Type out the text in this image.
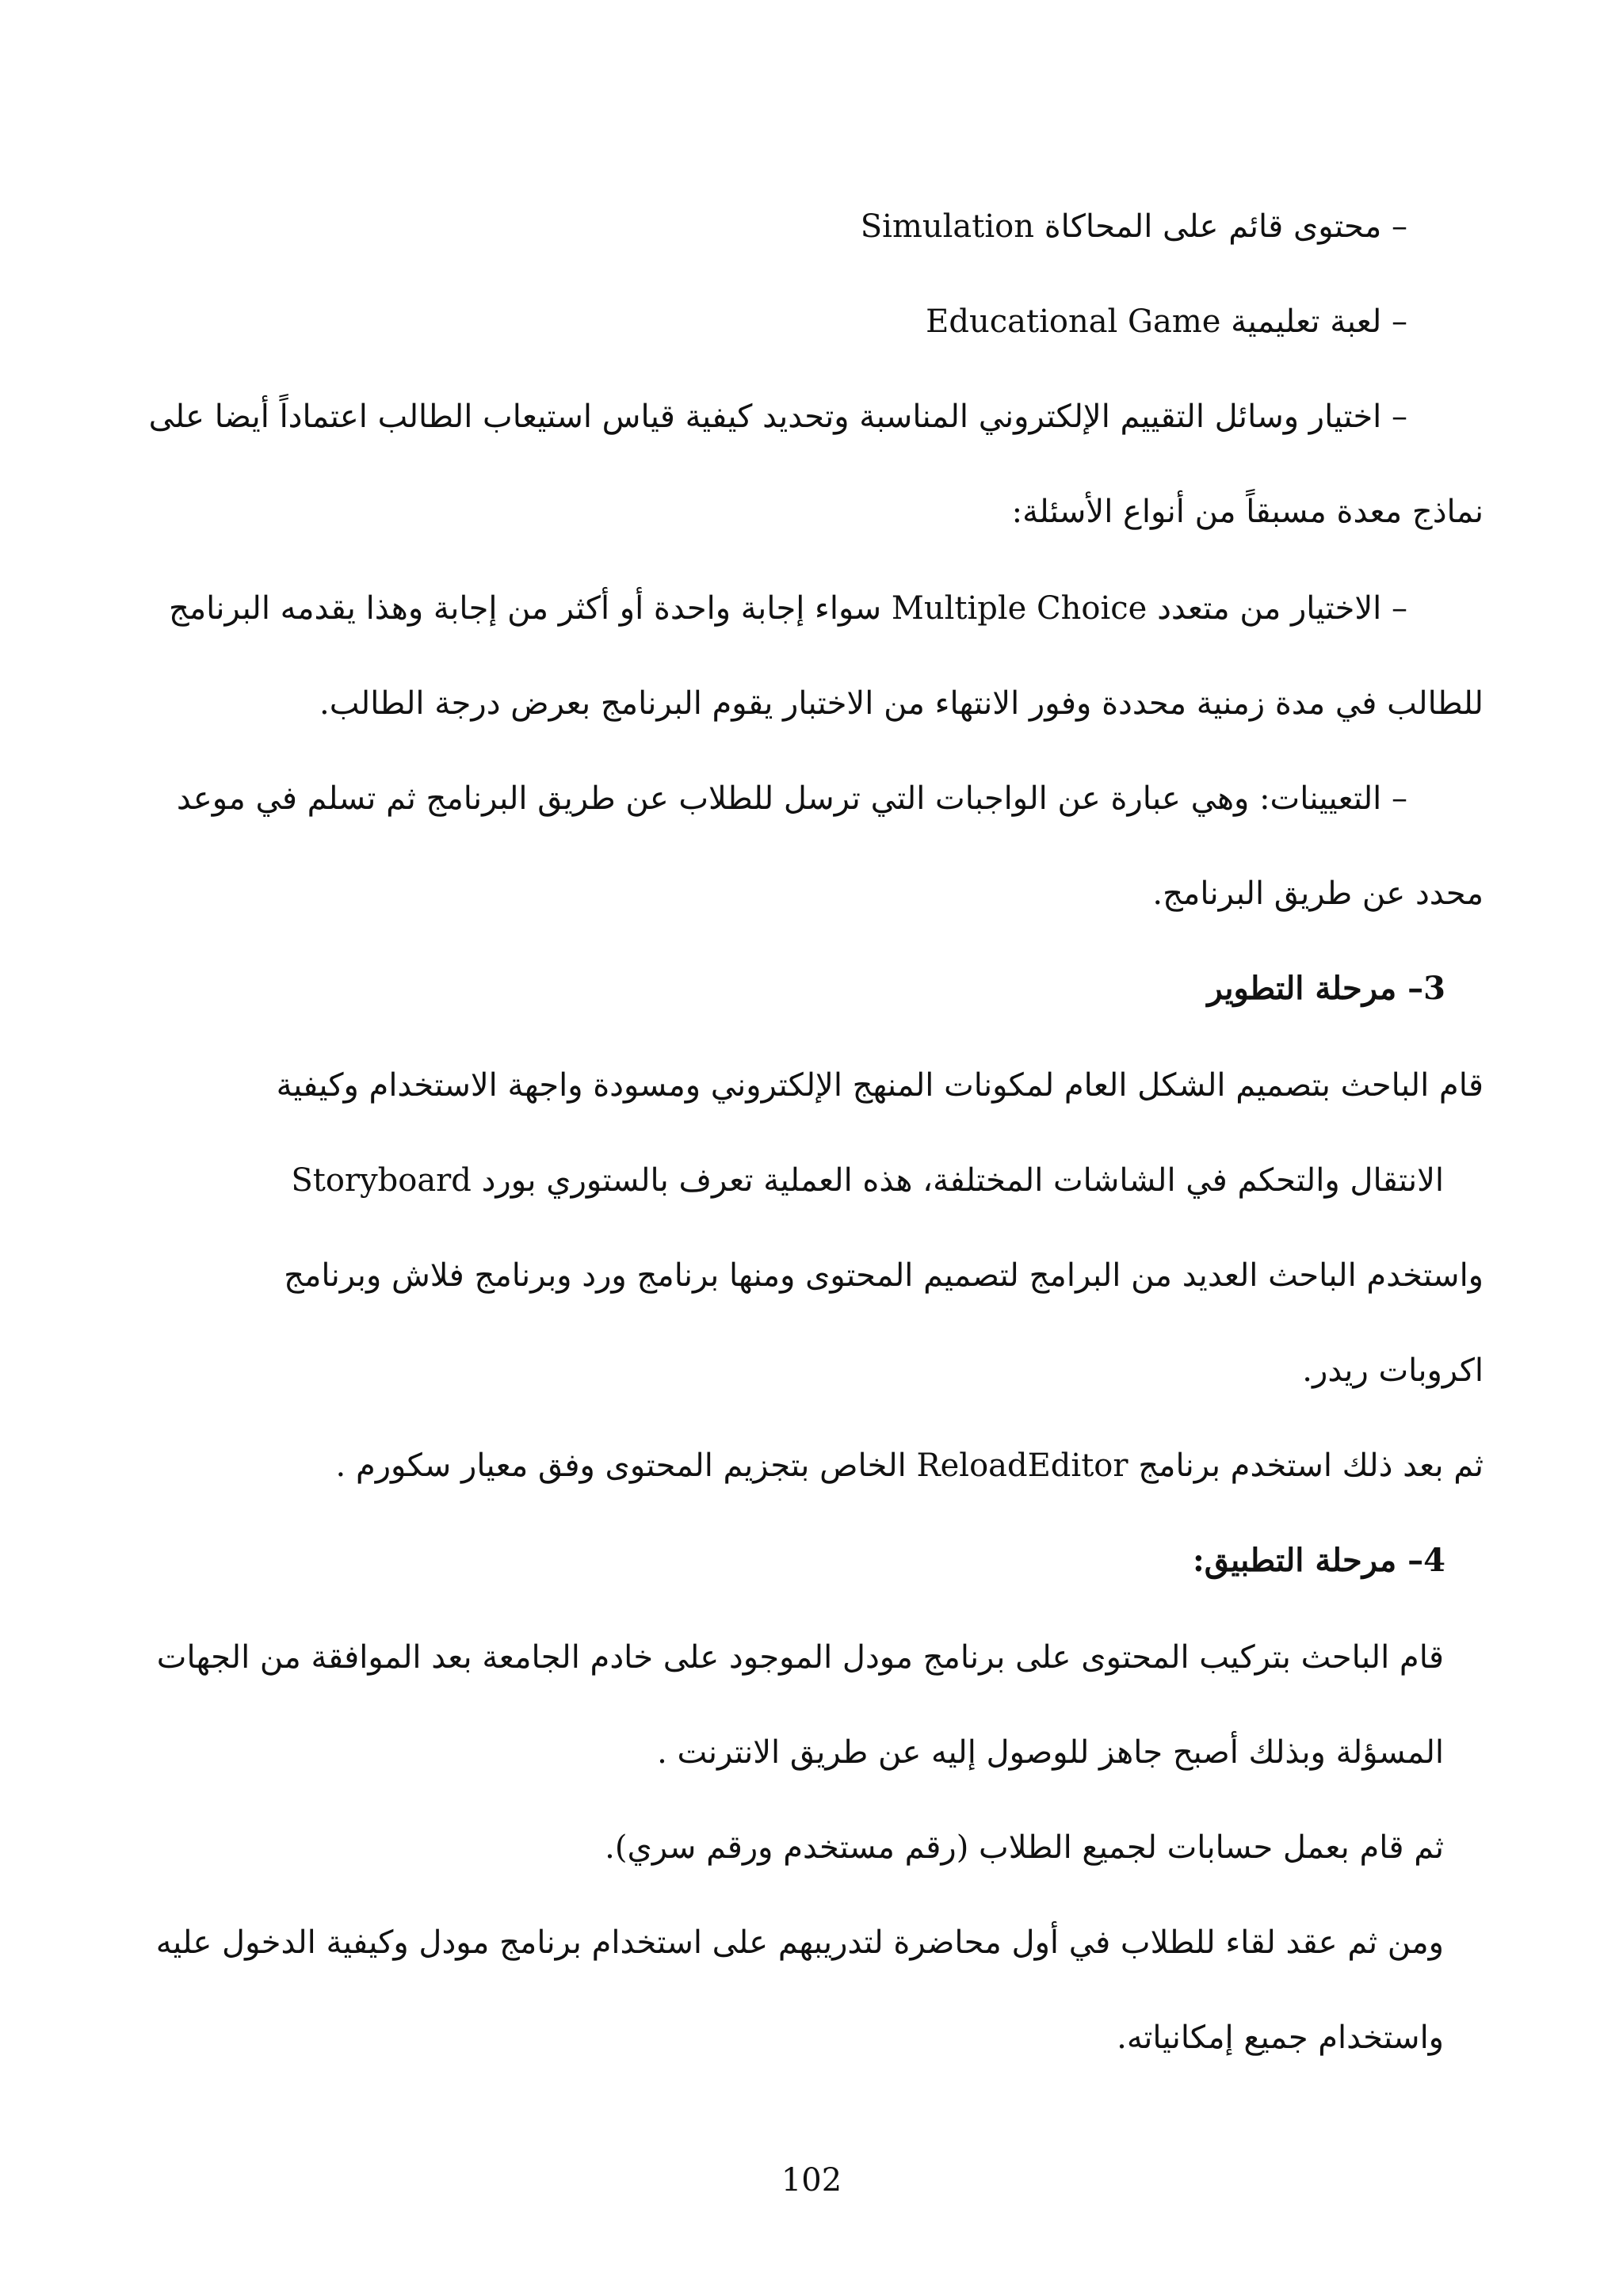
– محتوى قائم على المحاكاة Simulation
– لعبة تعليمية Educational Game
– اختيار وسائل التقييم الإلكتروني المناسبة وتحديد كيفية قياس استيعاب الطالب اعتماداً أيضا على
نماذج معدة مسبقاً من أنواع الأسئلة:
– الاختيار من متعدد Multiple Choice سواء إجابة واحدة أو أكثر من إجابة وهذا يقدمه البرنامج
للطالب في مدة زمنية محددة وفور الانتهاء من الاختبار يقوم البرنامج بعرض درجة الطالب.
– التعيينات: وهي عبارة عن الواجبات التي ترسل للطلاب عن طريق البرنامج ثم تسلم في موعد
محدد عن طريق البرنامج.
3– مرحلة التطوير
قام الباحث بتصميم الشكل العام لمكونات المنهج الإلكتروني ومسودة واجهة الاستخدام وكيفية
الانتقال والتحكم في الشاشات المختلفة، هذه العملية تعرف بالستوري بورد Storyboard
واستخدم الباحث العديد من البرامج لتصميم المحتوى ومنها برنامج ورد وبرنامج فلاش وبرنامج
اكروبات ريدر.
ثم بعد ذلك استخدم برنامج ReloadEditor الخاص بتجزيم المحتوى وفق معيار سكورم .
4– مرحلة التطبيق:
قام الباحث بتركيب المحتوى على برنامج مودل الموجود على خادم الجامعة بعد الموافقة من الجهات
المسؤلة وبذلك أصبح جاهز للوصول إليه عن طريق الانترنت .
ثم قام بعمل حسابات لجميع الطلاب (رقم مستخدم ورقم سري).
ومن ثم عقد لقاء للطلاب في أول محاضرة لتدريبهم على استخدام برنامج مودل وكيفية الدخول عليه
واستخدام جميع إمكانياته.
102
